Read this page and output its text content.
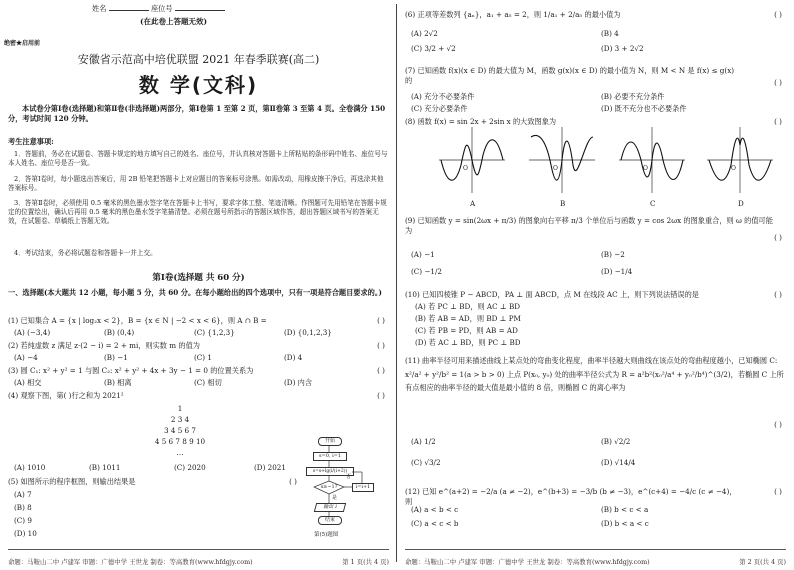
姓名	座位号
(在此卷上答题无效)
绝密★启用前
安徽省示范高中培优联盟 2021 年春季联赛(高二)
数 学(文科)
本试卷分第Ⅰ卷(选择题)和第Ⅱ卷(非选择题)两部分，第Ⅰ卷第 1 至第 2 页，第Ⅱ卷第 3 至第 4 页。全卷满分 150 分，考试时间 120 分钟。
考生注意事项:
1．答题前，务必在试题卷、答题卡规定的地方填写自己的姓名、座位号，并认真核对答题卡上所粘贴的条形码中姓名、座位号与本人姓名、座位号是否一致。
2．答第Ⅰ卷时，每小题选出答案后，用 2B 铅笔把答题卡上对应题目的答案标号涂黑。如需改动，用橡皮擦干净后，再选涂其他答案标号。
3．答第Ⅱ卷时，必须使用 0.5 毫米的黑色墨水签字笔在答题卡上书写，要求字体工整、笔迹清晰。作图题可先用铅笔在答题卡规定的位置绘出，确认后再用 0.5 毫米的黑色墨水签字笔描清楚。必须在题号所指示的答题区域作答，超出答题区域书写的答案无效，在试题卷、草稿纸上答题无效。
4．考试结束，务必将试题卷和答题卡一并上交。
第Ⅰ卷(选择题 共 60 分)
一、选择题(本大题共 12 小题，每小题 5 分，共 60 分。在每小题给出的四个选项中，只有一项是符合题目要求的。)
(1) 已知集合 A = {x | log₂x < 2}，B = {x ∈ N | −2 < x < 6}，则 A ∩ B =	( )
(A) (−3,4)	(B) (0,4)	(C) {1,2,3}	(D) {0,1,2,3}
(2) 若纯虚数 z 满足 z·(2 − i) = 2 + mi，则实数 m 的值为	( )
(A) −4	(B) −1	(C) 1	(D) 4
(3) 圆 C₁: x² + y² = 1 与圆 C₂: x² + y² + 4x + 3y − 1 = 0 的位置关系为	( )
(A) 相交	(B) 相离	(C) 相切	(D) 内含
(4) 观察下图，第( )行之和为 2021²	( )
1
2 3 4
3 4 5 6 7
4 5 6 7 8 9 10
…
(A) 1010	(B) 1011	(C) 2020	(D) 2021
(5) 如图所示的程序框图，则输出结果是	( )
(A) 7
(B) 8
(C) 9
(D) 10
开始
s=0, i=1
s=s+lg(i/(i+2))
s≥−1?
否
是
i=i+1
输出 i
结束
第(5)题图
命题：马鞍山二中 卢建军 审题：广德中学 王世龙 制卷：等高教育(www.hfdgjy.com)	第 1 页(共 4 页)
(6) 正项等差数列 {aₙ}，a₁ + a₅ = 2，则 1/a₁ + 2/a₅ 的最小值为	( )
(A) 2√2	(B) 4
(C) 3/2 + √2	(D) 3 + 2√2
(7) 已知函数 f(x)(x ∈ D) 的最大值为 M，函数 g(x)(x ∈ D) 的最小值为 N，则 M < N 是 f(x) ≤ g(x) 的	( )
(A) 充分不必要条件	(B) 必要不充分条件
(C) 充分必要条件	(D) 既不充分也不必要条件
(8) 函数 f(x) = sin 2x + 2sin x 的大致图象为	( )
O	O	O	O
A	B	C	D
(9) 已知函数 y = sin(2ωx + π/3) 的图象向右平移 π/3 个单位后与函数 y = cos 2ωx 的图象重合，则 ω 的值可能为
( )
(A) −1	(B) −2
(C) −1/2	(D) −1/4
(10) 已知四棱锥 P − ABCD，PA ⊥ 面 ABCD，点 M 在线段 AC 上，则下列说法错误的是	( )
(A) 若 PC ⊥ BD，则 AC ⊥ BD
(B) 若 AB = AD，则 BD ⊥ PM
(C) 若 PB = PD，则 AB = AD
(D) 若 AC ⊥ BD，则 PC ⊥ BD
(11) 曲率半径可用来描述曲线上某点处的弯曲变化程度，曲率半径越大则曲线在该点处的弯曲程度越小，已知椭圆 C: x²/a² + y²/b² = 1(a > b > 0) 上点 P(x₀, y₀) 处的曲率半径公式为 R = a²b²(x₀²/a⁴ + y₀²/b⁴)^(3/2)，若椭圆 C 上所有点相应的曲率半径的最大值是最小值的 8 倍，则椭圆 C 的离心率为
( )
(A) 1/2	(B) √2/2
(C) √3/2	(D) √14/4
(12) 已知 e^(a+2) = −2/a (a ≠ −2)，e^(b+3) = −3/b (b ≠ −3)，e^(c+4) = −4/c (c ≠ −4)，则
( )
(A) a < b < c	(B) b < c < a
(C) a < c < b	(D) b < a < c
命题：马鞍山二中 卢建军 审题：广德中学 王世龙 制卷：等高教育(www.hfdgjy.com)	第 2 页(共 4 页)
